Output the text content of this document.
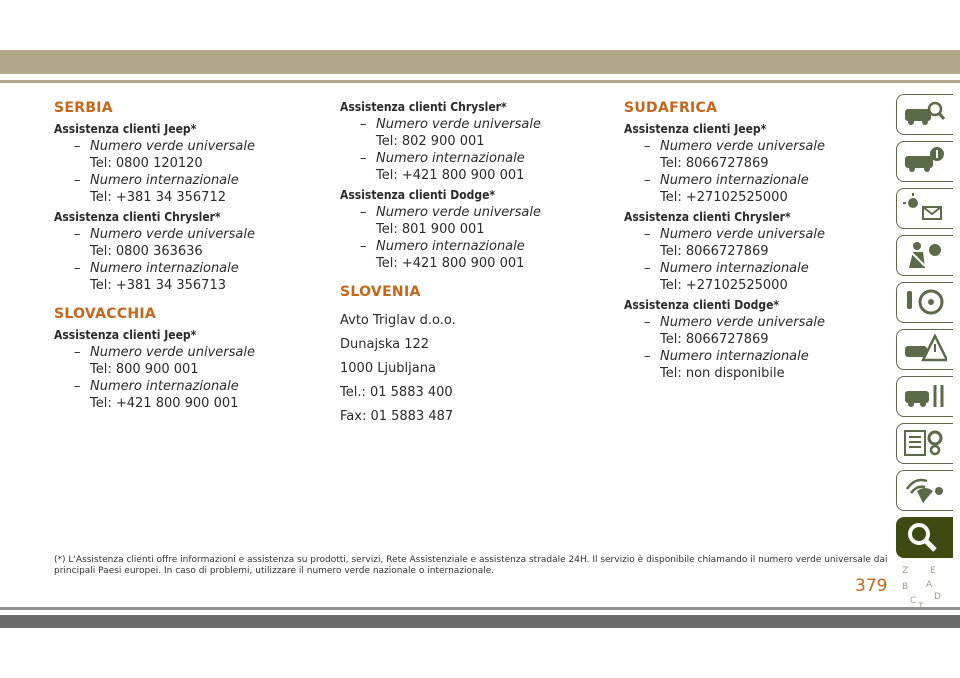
SERBIA
Assistenza clienti Jeep*
– Numero verde universale
Tel: 0800 120120
– Numero internazionale
Tel: +381 34 356712
Assistenza clienti Chrysler*
– Numero verde universale
Tel: 0800 363636
– Numero internazionale
Tel: +381 34 356713
SLOVACCHIA
Assistenza clienti Jeep*
– Numero verde universale
Tel: 800 900 001
– Numero internazionale
Tel: +421 800 900 001
Assistenza clienti Chrysler*
– Numero verde universale
Tel: 802 900 001
– Numero internazionale
Tel: +421 800 900 001
Assistenza clienti Dodge*
– Numero verde universale
Tel: 801 900 001
– Numero internazionale
Tel: +421 800 900 001
SLOVENIA
Avto Triglav d.o.o.
Dunajska 122
1000 Ljubljana
Tel.: 01 5883 400
Fax: 01 5883 487
SUDAFRICA
Assistenza clienti Jeep*
– Numero verde universale
Tel: 8066727869
– Numero internazionale
Tel: +27102525000
Assistenza clienti Chrysler*
– Numero verde universale
Tel: 8066727869
– Numero internazionale
Tel: +27102525000
Assistenza clienti Dodge*
– Numero verde universale
Tel: 8066727869
– Numero internazionale
Tel: non disponibile
Z E
B A
C D
(*) L'Assistenza clienti offre informazioni e assistenza su prodotti, servizi, Rete Assistenziale e assistenza stradale 24H. Il servizio è disponibile chiamando il numero verde universale dai principali Paesi europei. In caso di problemi, utilizzare il numero verde nazionale o internazionale.
379
